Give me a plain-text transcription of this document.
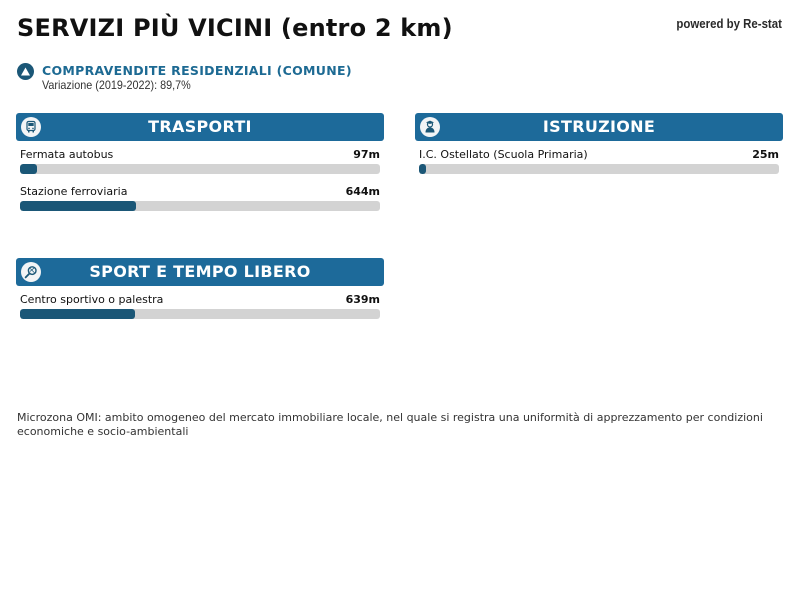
SERVIZI PIÙ VICINI (entro 2 km)	powered by Re-stat
COMPRAVENDITE RESIDENZIALI (COMUNE)
Variazione (2019-2022): 89,7%
TRASPORTI
Fermata autobus	97m
Stazione ferroviaria	644m
ISTRUZIONE
I.C. Ostellato (Scuola Primaria)	25m
SPORT E TEMPO LIBERO
Centro sportivo o palestra	639m
Microzona OMI: ambito omogeneo del mercato immobiliare locale, nel quale si registra una uniformità di apprezzamento per condizioni economiche e socio-ambientali
